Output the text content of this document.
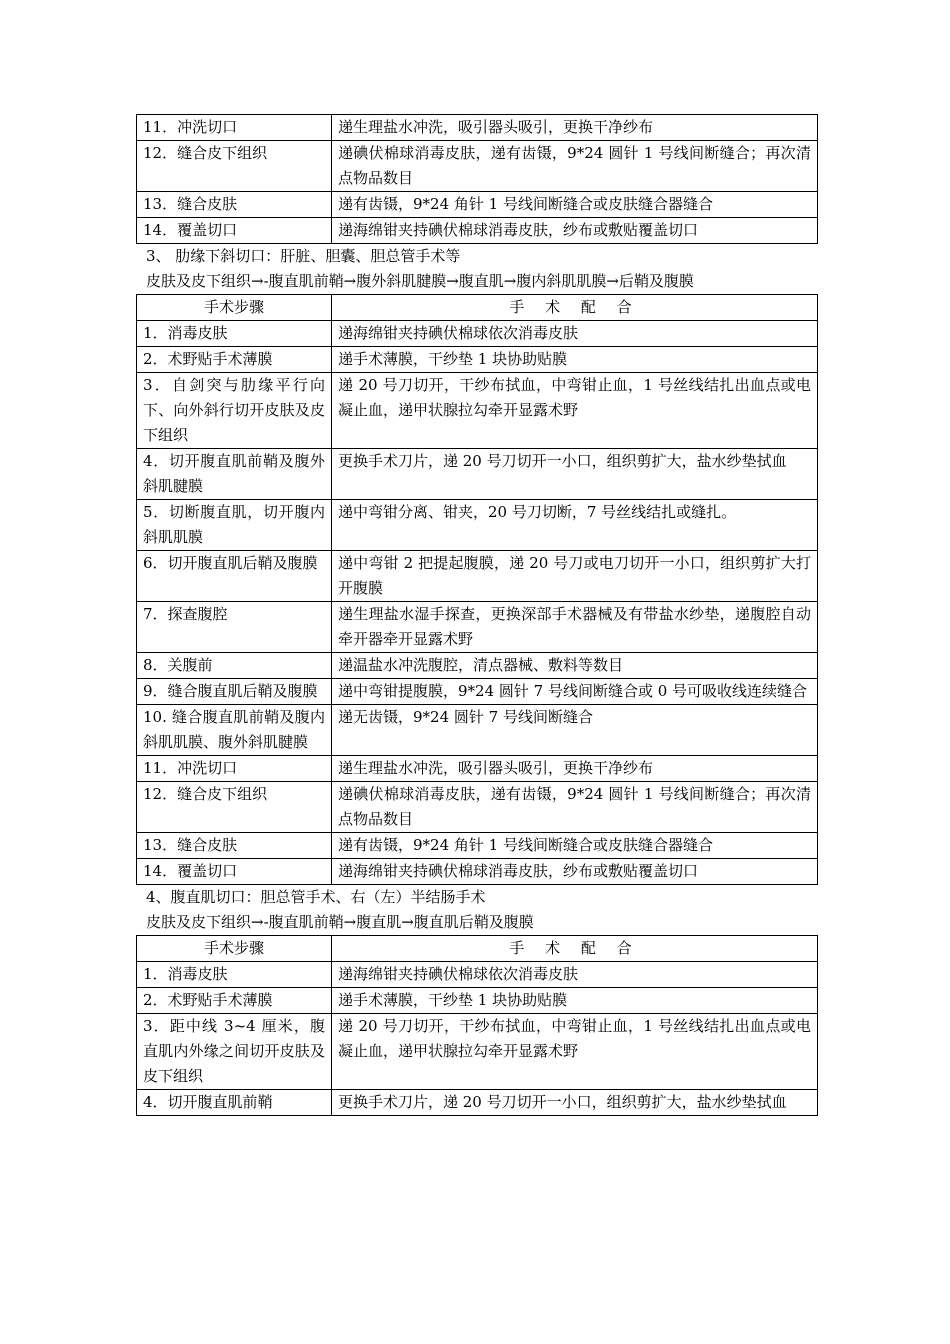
11．冲洗切口	递生理盐水冲洗，吸引器头吸引，更换干净纱布
12．缝合皮下组织	递碘伏棉球消毒皮肤，递有齿镊，9*24 圆针 1 号线间断缝合；再次清点物品数目
13．缝合皮肤	递有齿镊，9*24 角针 1 号线间断缝合或皮肤缝合器缝合
14．覆盖切口	递海绵钳夹持碘伏棉球消毒皮肤，纱布或敷贴覆盖切口
3、 肋缘下斜切口：肝脏、胆囊、胆总管手术等
皮肤及皮下组织→-腹直肌前鞘→腹外斜肌腱膜→腹直肌→腹内斜肌肌膜→后鞘及腹膜
手术步骤	手 术 配 合
1．消毒皮肤	递海绵钳夹持碘伏棉球依次消毒皮肤
2．术野贴手术薄膜	递手术薄膜，干纱垫 1 块协助贴膜
3．自剑突与肋缘平行向下、向外斜行切开皮肤及皮下组织	递 20 号刀切开，干纱布拭血，中弯钳止血，1 号丝线结扎出血点或电凝止血，递甲状腺拉勾牵开显露术野
4．切开腹直肌前鞘及腹外斜肌腱膜	更换手术刀片，递 20 号刀切开一小口，组织剪扩大，盐水纱垫拭血
5．切断腹直肌，切开腹内斜肌肌膜	递中弯钳分离、钳夹，20 号刀切断，7 号丝线结扎或缝扎。
6．切开腹直肌后鞘及腹膜	递中弯钳 2 把提起腹膜，递 20 号刀或电刀切开一小口，组织剪扩大打开腹膜
7．探查腹腔	递生理盐水湿手探查，更换深部手术器械及有带盐水纱垫，递腹腔自动牵开器牵开显露术野
8．关腹前	递温盐水冲洗腹腔，清点器械、敷料等数目
9．缝合腹直肌后鞘及腹膜	递中弯钳提腹膜，9*24 圆针 7 号线间断缝合或 0 号可吸收线连续缝合
10. 缝合腹直肌前鞘及腹内斜肌肌膜、腹外斜肌腱膜	递无齿镊，9*24 圆针 7 号线间断缝合
11．冲洗切口	递生理盐水冲洗，吸引器头吸引，更换干净纱布
12．缝合皮下组织	递碘伏棉球消毒皮肤，递有齿镊，9*24 圆针 1 号线间断缝合；再次清点物品数目
13．缝合皮肤	递有齿镊，9*24 角针 1 号线间断缝合或皮肤缝合器缝合
14．覆盖切口	递海绵钳夹持碘伏棉球消毒皮肤，纱布或敷贴覆盖切口
4、腹直肌切口：胆总管手术、右（左）半结肠手术
皮肤及皮下组织→-腹直肌前鞘→腹直肌→腹直肌后鞘及腹膜
手术步骤	手 术 配 合
1．消毒皮肤	递海绵钳夹持碘伏棉球依次消毒皮肤
2．术野贴手术薄膜	递手术薄膜，干纱垫 1 块协助贴膜
3．距中线 3~4 厘米，腹直肌内外缘之间切开皮肤及皮下组织	递 20 号刀切开，干纱布拭血，中弯钳止血，1 号丝线结扎出血点或电凝止血，递甲状腺拉勾牵开显露术野
4．切开腹直肌前鞘	更换手术刀片，递 20 号刀切开一小口，组织剪扩大，盐水纱垫拭血
